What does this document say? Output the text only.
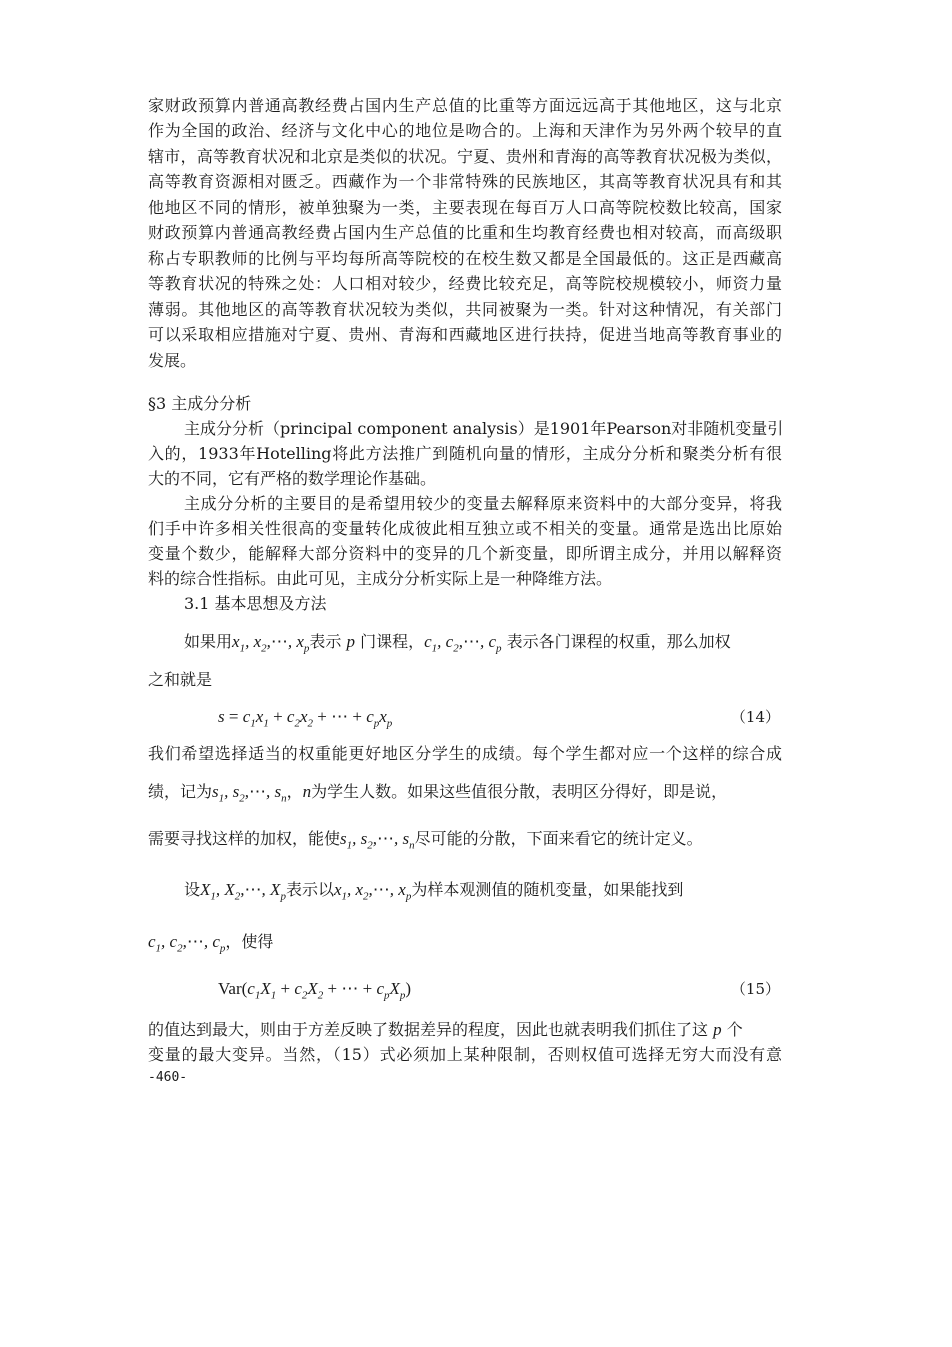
家财政预算内普通高教经费占国内生产总值的比重等方面远远高于其他地区，这与北京
作为全国的政治、经济与文化中心的地位是吻合的。上海和天津作为另外两个较早的直
辖市，高等教育状况和北京是类似的状况。宁夏、贵州和青海的高等教育状况极为类似，
高等教育资源相对匮乏。西藏作为一个非常特殊的民族地区，其高等教育状况具有和其
他地区不同的情形，被单独聚为一类，主要表现在每百万人口高等院校数比较高，国家
财政预算内普通高教经费占国内生产总值的比重和生均教育经费也相对较高，而高级职
称占专职教师的比例与平均每所高等院校的在校生数又都是全国最低的。这正是西藏高
等教育状况的特殊之处：人口相对较少，经费比较充足，高等院校规模较小，师资力量
薄弱。其他地区的高等教育状况较为类似，共同被聚为一类。针对这种情况，有关部门
可以采取相应措施对宁夏、贵州、青海和西藏地区进行扶持，促进当地高等教育事业的
发展。
§3 主成分分析
主成分分析（principal component analysis）是1901年Pearson对非随机变量引
入的，1933年Hotelling将此方法推广到随机向量的情形，主成分分析和聚类分析有很
大的不同，它有严格的数学理论作基础。
主成分分析的主要目的是希望用较少的变量去解释原来资料中的大部分变异，将我
们手中许多相关性很高的变量转化成彼此相互独立或不相关的变量。通常是选出比原始
变量个数少，能解释大部分资料中的变异的几个新变量，即所谓主成分，并用以解释资
料的综合性指标。由此可见，主成分分析实际上是一种降维方法。
3.1 基本思想及方法
如果用$x_1$, $x_2,\cdots$, $x_p$表示 p 门课程，$c_1$, $c_2,\cdots$, $c_p$ 表示各门课程的权重，那么加权
之和就是
$s = c_1x_1 + c_2x_2$ + ⋯ + $c_px_p$	（14）
我们希望选择适当的权重能更好地区分学生的成绩。每个学生都对应一个这样的综合成
绩，记为$s_1$, $s_2,\cdots$, $s_n$，n为学生人数。如果这些值很分散，表明区分得好，即是说，
需要寻找这样的加权，能使$s_1$, $s_2,\cdots$, $s_n$尽可能的分散，下面来看它的统计定义。
设$X_1$, $X_2,\cdots$, $X_p$表示以$x_1$, $x_2,\cdots$, $x_p$为样本观测值的随机变量，如果能找到
$c_1$, $c_2,\cdots$, $c_p$，使得
$Var(c_1X_1 + c_2X_2$ + ⋯ + $c_pX_p$)	（15）
的值达到最大，则由于方差反映了数据差异的程度，因此也就表明我们抓住了这 p 个
变量的最大变异。当然，（15）式必须加上某种限制，否则权值可选择无穷大而没有意
-460-
